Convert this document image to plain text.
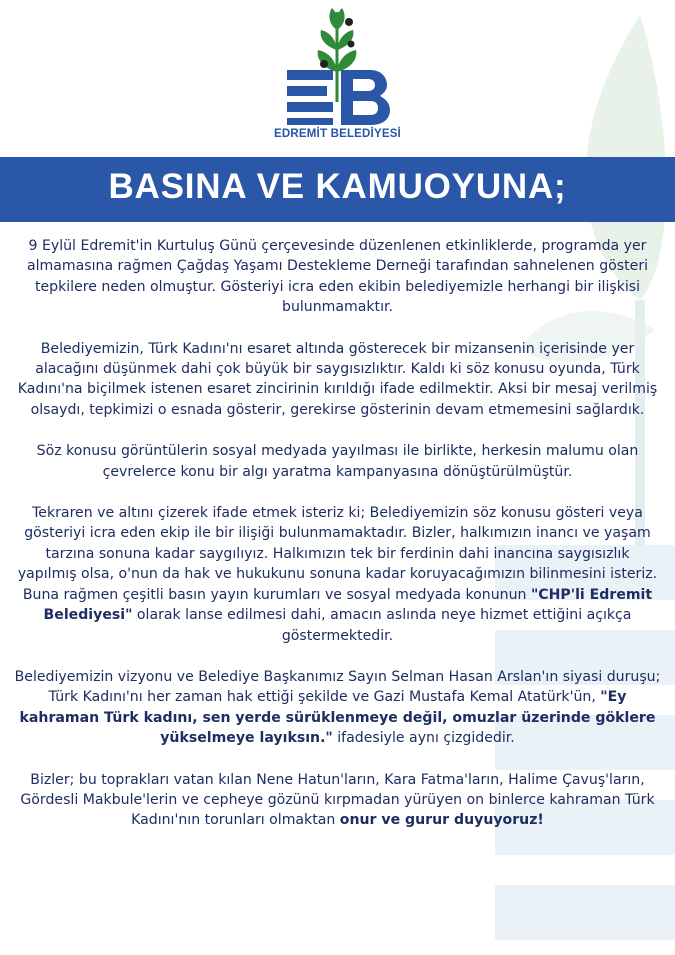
EDREMİT BELEDİYESİ
BASINA VE KAMUOYUNA;

9 Eylül Edremit'in Kurtuluş Günü çerçevesinde düzenlenen etkinliklerde, programda yer almamasına rağmen Çağdaş Yaşamı Destekleme Derneği tarafından sahnelenen gösteri tepkilere neden olmuştur. Gösteriyi icra eden ekibin belediyemizle herhangi bir ilişkisi bulunmamaktır.

Belediyemizin, Türk Kadını'nı esaret altında gösterecek bir mizansenin içerisinde yer alacağını düşünmek dahi çok büyük bir saygısızlıktır. Kaldı ki söz konusu oyunda, Türk Kadını'na biçilmek istenen esaret zincirinin kırıldığı ifade edilmektir. Aksi bir mesaj verilmiş olsaydı, tepkimizi o esnada gösterir, gerekirse gösterinin devam etmemesini sağlardık.

Söz konusu görüntülerin sosyal medyada yayılması ile birlikte, herkesin malumu olan çevrelerce konu bir algı yaratma kampanyasına dönüştürülmüştür.

Tekraren ve altını çizerek ifade etmek isteriz ki; Belediyemizin söz konusu gösteri veya gösteriyi icra eden ekip ile bir ilişiği bulunmamaktadır. Bizler, halkımızın inancı ve yaşam tarzına sonuna kadar saygılıyız. Halkımızın tek bir ferdinin dahi inancına saygısızlık yapılmış olsa, o'nun da hak ve hukukunu sonuna kadar koruyacağımızın bilinmesini isteriz. Buna rağmen çeşitli basın yayın kurumları ve sosyal medyada konunun "CHP'li Edremit Belediyesi" olarak lanse edilmesi dahi, amacın aslında neye hizmet ettiğini açıkça göstermektedir.

Belediyemizin vizyonu ve Belediye Başkanımız Sayın Selman Hasan Arslan'ın siyasi duruşu; Türk Kadını'nı her zaman hak ettiği şekilde ve Gazi Mustafa Kemal Atatürk'ün, "Ey kahraman Türk kadını, sen yerde sürüklenmeye değil, omuzlar üzerinde göklere yükselmeye layıksın." ifadesiyle aynı çizgidedir.

Bizler; bu toprakları vatan kılan Nene Hatun'ların, Kara Fatma'ların, Halime Çavuş'ların, Gördesli Makbule'lerin ve cepheye gözünü kırpmadan yürüyen on binlerce kahraman Türk Kadını'nın torunları olmaktan onur ve gurur duyuyoruz!
